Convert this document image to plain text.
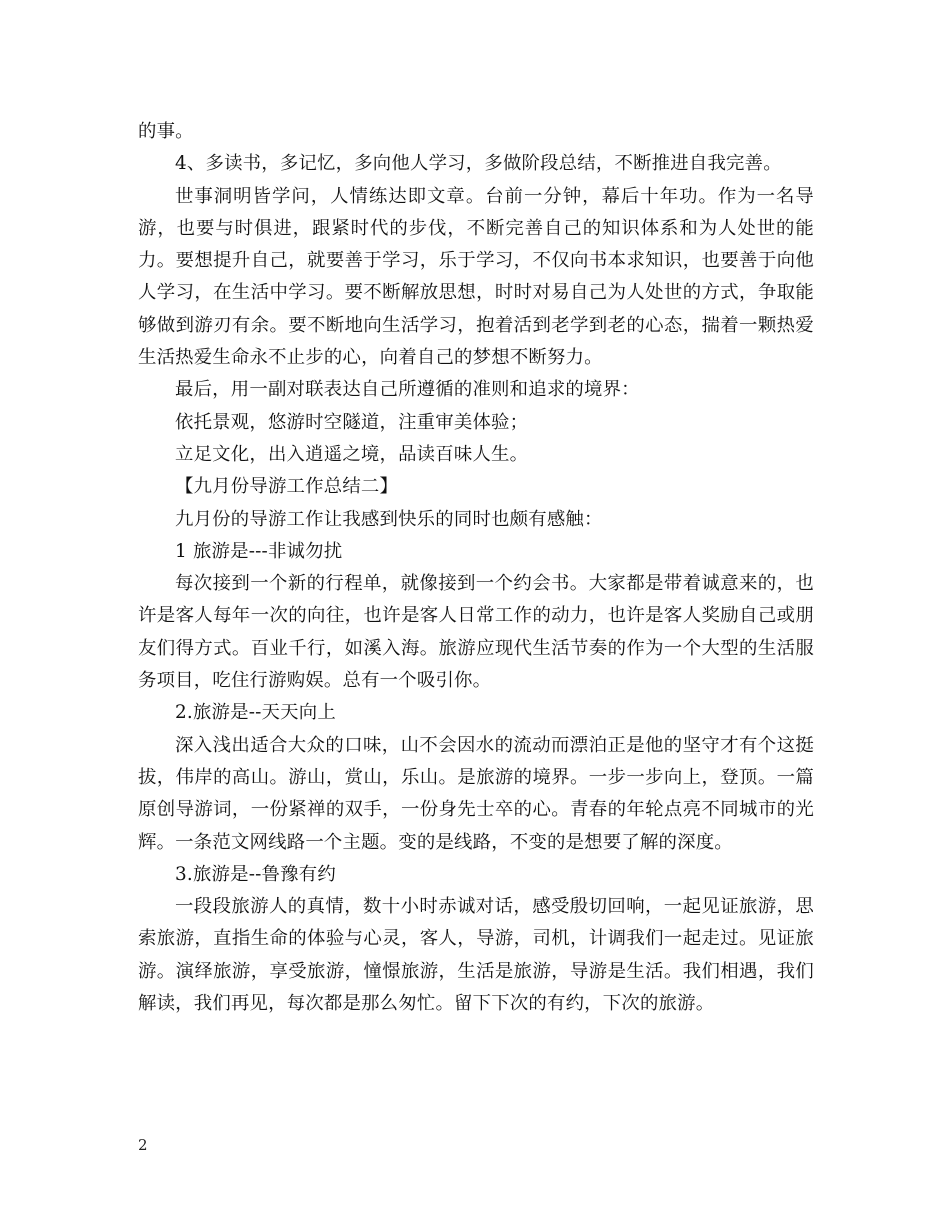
的事。

4、多读书，多记忆，多向他人学习，多做阶段总结，不断推进自我完善。

世事洞明皆学问，人情练达即文章。台前一分钟，幕后十年功。作为一名导游，也要与时俱进，跟紧时代的步伐，不断完善自己的知识体系和为人处世的能力。要想提升自己，就要善于学习，乐于学习，不仅向书本求知识，也要善于向他人学习，在生活中学习。要不断解放思想，时时对易自己为人处世的方式，争取能够做到游刃有余。要不断地向生活学习，抱着活到老学到老的心态，揣着一颗热爱生活热爱生命永不止步的心，向着自己的梦想不断努力。

最后，用一副对联表达自己所遵循的准则和追求的境界：

依托景观，悠游时空隧道，注重审美体验；

立足文化，出入逍遥之境，品读百味人生。

【九月份导游工作总结二】

九月份的导游工作让我感到快乐的同时也颇有感触：

1 旅游是---非诚勿扰

每次接到一个新的行程单，就像接到一个约会书。大家都是带着诚意来的，也许是客人每年一次的向往，也许是客人日常工作的动力，也许是客人奖励自己或朋友们得方式。百业千行，如溪入海。旅游应现代生活节奏的作为一个大型的生活服务项目，吃住行游购娱。总有一个吸引你。

2.旅游是--天天向上

深入浅出适合大众的口味，山不会因水的流动而漂泊正是他的坚守才有个这挺拔，伟岸的高山。游山，赏山，乐山。是旅游的境界。一步一步向上，登顶。一篇原创导游词，一份紧禅的双手，一份身先士卒的心。青春的年轮点亮不同城市的光辉。一条范文网线路一个主题。变的是线路，不变的是想要了解的深度。

3.旅游是--鲁豫有约

一段段旅游人的真情，数十小时赤诚对话，感受殷切回响，一起见证旅游，思索旅游，直指生命的体验与心灵，客人，导游，司机，计调我们一起走过。见证旅游。演绎旅游，享受旅游，憧憬旅游，生活是旅游，导游是生活。我们相遇，我们解读，我们再见，每次都是那么匆忙。留下下次的有约，下次的旅游。

2
